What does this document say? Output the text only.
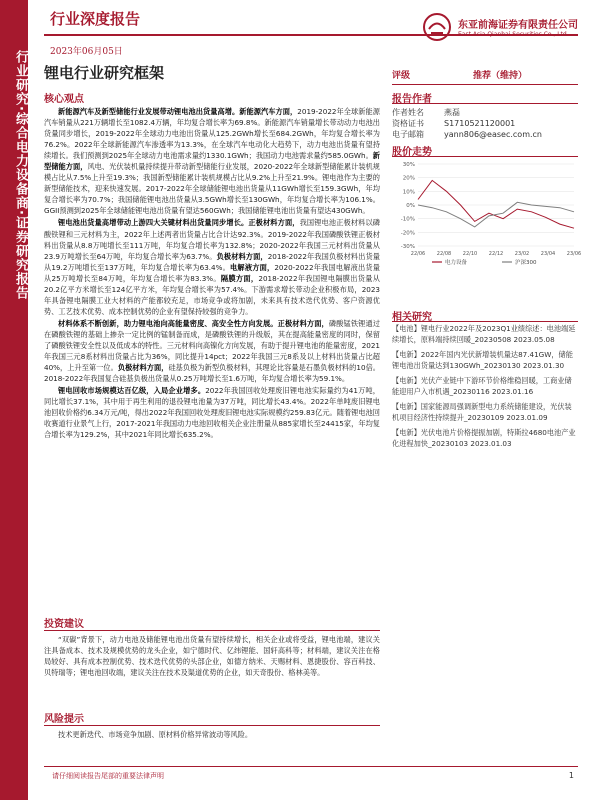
行业研究·综合电力设备商·证券研究报告
行业深度报告	东亚前海证券有限责任公司
East Asia Qianhai Securities Co., Ltd.
2023年06月05日
锂电行业研究框架	评级	推荐（维持）
核心观点

新能源汽车及新型储能行业发展带动锂电池出货量高增。新能源汽车方面，2019-2022年全球新能源汽车销量从221万辆增长至1082.4万辆，年均复合增长率为69.8%。新能源汽车销量增长带动动力电池出货量同步增长，2019-2022年全球动力电池出货量从125.2GWh增长至684.2GWh，年均复合增长率为76.2%。2022年全球新能源汽车渗透率为13.3%，在全球汽车电动化大趋势下，动力电池出货量有望持续增长。我们预测到2025年全球动力电池需求量约1330.1GWh；我国动力电池需求量约585.0GWh。新型储能方面，风电、光伏装机量持续提升带动新型储能行业发展，2020-2022年全球新型储能累计装机规模占比从7.5%上升至19.3%；我国新型储能累计装机规模占比从9.2%上升至21.9%。锂电池作为主要的新型储能技术，迎来快速发展。2017-2022年全球储能锂电池出货量从11GWh增长至159.3GWh，年均复合增长率为70.7%；我国储能锂电池出货量从3.5GWh增长至130GWh，年均复合增长率为106.1%。GGII预测到2025年全球储能锂电池出货量有望达560GWh；我国储能锂电池出货量有望达430GWh。

锂电池出货量高增带动上游四大关键材料出货量同步增长。正极材料方面，我国锂电池正极材料以磷酸铁锂和三元材料为主，2022年上述两者出货量占比合计达92.3%。2019-2022年我国磷酸铁锂正极材料出货量从8.8万吨增长至111万吨，年均复合增长率为132.8%；2020-2022年我国三元材料出货量从23.9万吨增长至64万吨，年均复合增长率为63.7%。负极材料方面，2018-2022年我国负极材料出货量从19.2万吨增长至137万吨，年均复合增长率为63.4%。电解液方面，2020-2022年我国电解液出货量从25万吨增长至84万吨，年均复合增长率为83.3%。隔膜方面，2018-2022年我国锂电隔膜出货量从20.2亿平方米增长至124亿平方米，年均复合增长率为57.4%。下游需求增长带动企业积极布局，2023年具备锂电隔膜工业大材料的产能都较充足，市场竞争或将加剧，未来具有技术迭代优势、客户资源优势、工艺技术优势、成本控制优势的企业有望保持较强的竞争力。

材料体系不断创新，助力锂电池向高能量密度、高安全性方向发展。正极材料方面，磷酸锰铁锂通过在磷酸铁锂的基础上掺杂一定比例的锰制备而成，是磷酸铁锂的升级版，其在提高能量密度的同时，保留了磷酸铁锂安全性以及低成本的特性。三元材料向高镍化方向发展，有助于提升锂电池的能量密度，2021年我国三元8系材料出货量占比为36%，同比提升14pct；2022年我国三元8系及以上材料出货量占比超40%，上升至第一位。负极材料方面，硅基负极为新型负极材料，其理论比容量是石墨负极材料的10倍。2018-2022年我国复合硅基负极出货量从0.25万吨增长至1.6万吨，年均复合增长率为59.1%。

锂电回收市场规模达百亿级，入局企业增多。2022年我国回收处理废旧锂电池实际量约为41万吨，同比增长37.1%，其中用于再生利用的退役锂电池量为37万吨，同比增长43.4%。2022年单吨废旧锂电池回收价格约6.34万元/吨，得出2022年我国回收处理废旧锂电池实际规模约259.83亿元。随着锂电池回收赛道行业景气上行，2017-2021年我国动力电池回收相关企业注册量从885家增长至24415家，年均复合增长率为129.2%，其中2021年同比增长635.2%。

投资建议

“双碳”背景下，动力电池及储能锂电池出货量有望持续增长，相关企业或将受益，锂电池端，建议关注具备成本、技术及规模优势的龙头企业，如宁德时代、亿纬锂能、国轩高科等；材料端，建议关注在格局较好、具有成本控制优势、技术迭代优势的头部企业，如德方纳米、天赐材料、恩捷股份、容百科技、贝特瑞等；锂电池回收端，建议关注在技术及渠道优势的企业，如天奇股份、格林美等。

风险提示

技术更新迭代、市场竞争加剧、原材料价格异常波动等风险。

报告作者
作者姓名	燕磊
资格证书	S1710521120001
电子邮箱	yann806@easec.com.cn
股价走势
30%
20%
10%
0%
-10%
-20%
-30%
22/06 22/08 22/10 22/12 23/02 23/04 23/06
电力设备	沪深300
相关研究
【电池】锂电行业2022年及2023Q1业绩综述：电池端延续增长，原料端持续回暖_20230508 2023.05.08
【电新】2022年国内光伏新增装机量达87.41GW，储能锂电池出货量达到130GWh_20230130 2023.01.30
【电新】光伏产业链中下游环节价格维稳回暖，工商业储能迎用户入市机遇_20230116 2023.01.16
【电新】国家能源局强调新型电力系统储能建设，光伏装机项目经济性持续提升_20230109 2023.01.09
【电新】光伏电池片价格提振加剧，特斯拉4680电池产业化进程加快_20230103 2023.01.03
请仔细阅读报告尾部的重要法律声明	1
